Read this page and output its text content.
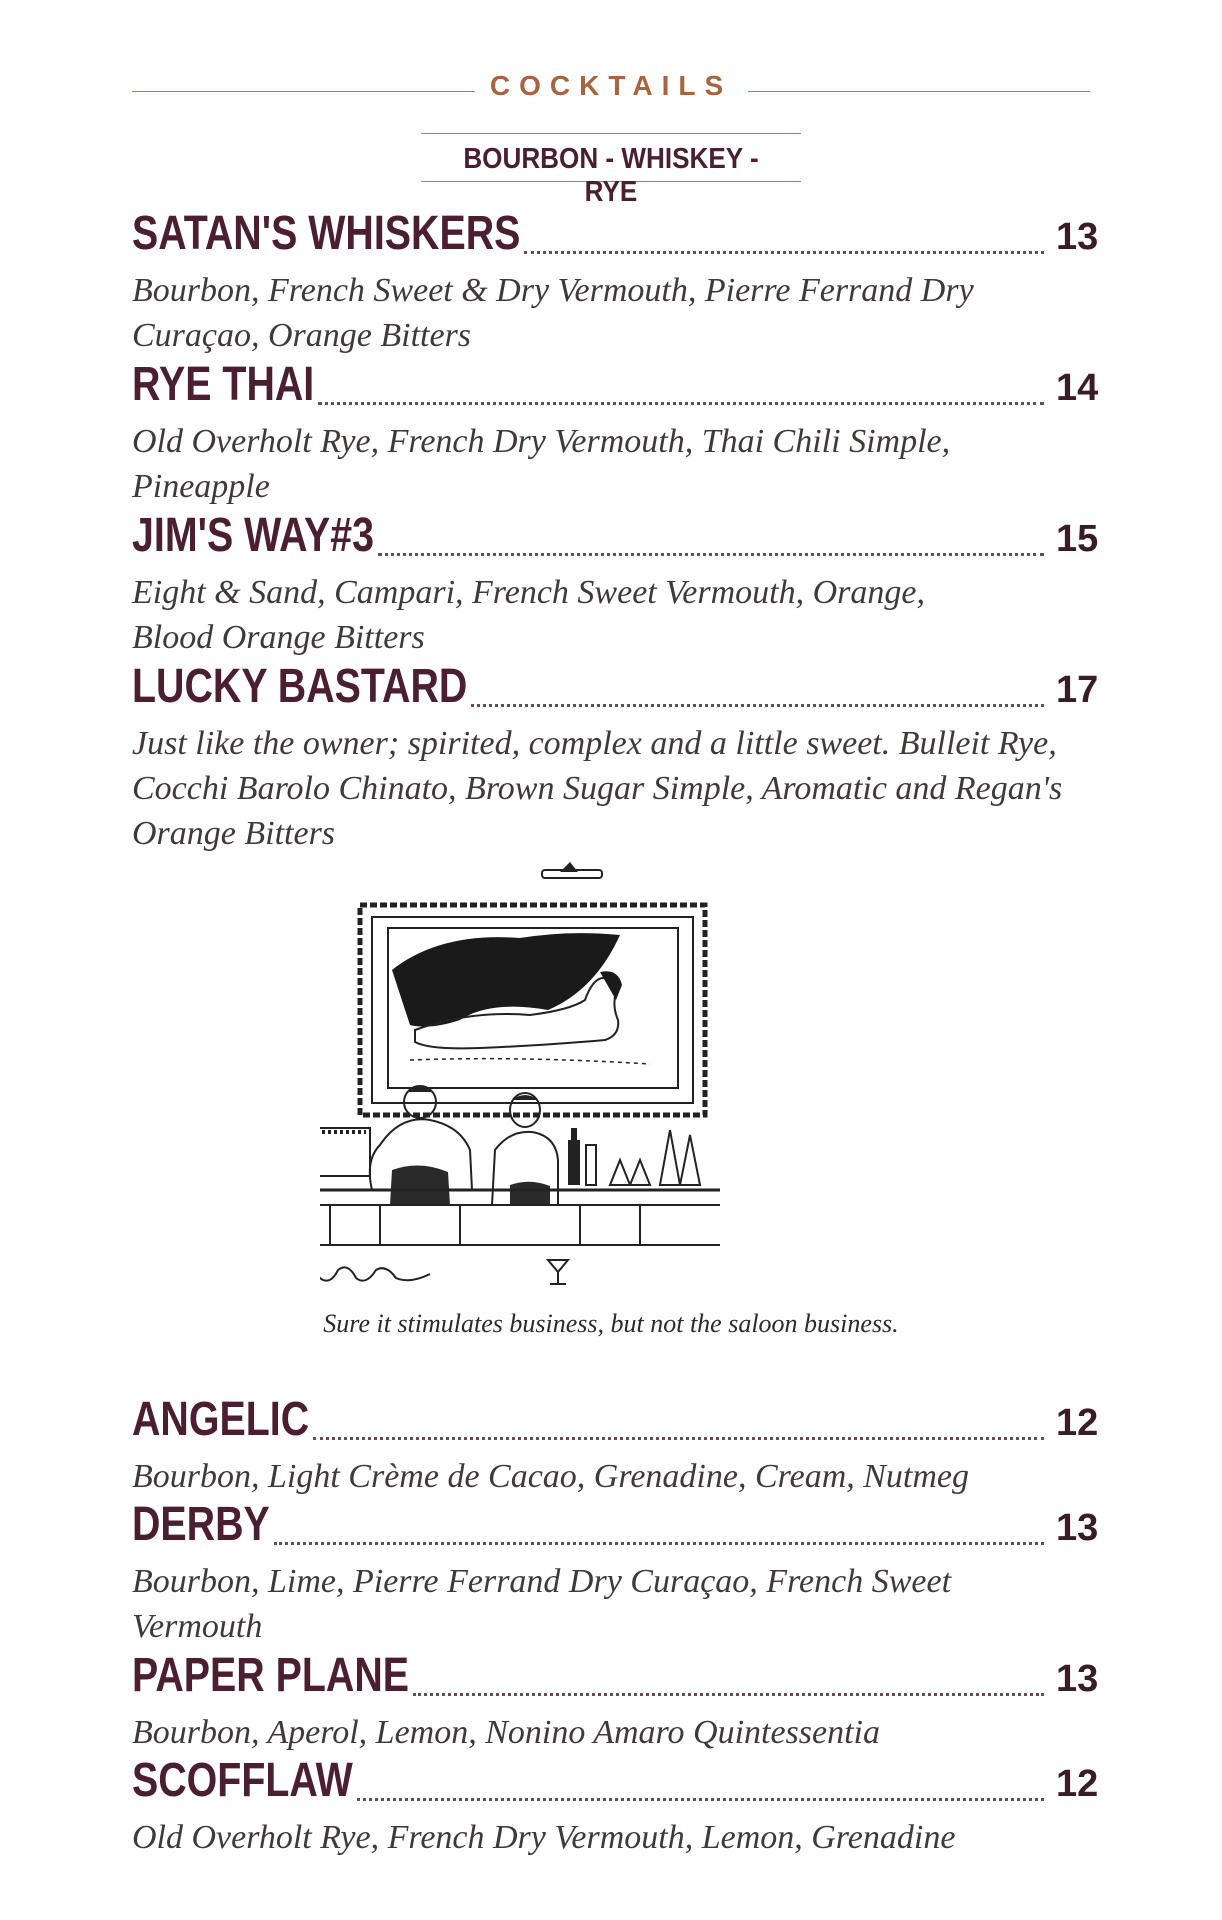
COCKTAILS
BOURBON - WHISKEY - RYE
SATAN'S WHISKERS	13
Bourbon, French Sweet & Dry Vermouth, Pierre Ferrand Dry Curaçao, Orange Bitters
RYE THAI	14
Old Overholt Rye, French Dry Vermouth, Thai Chili Simple, Pineapple
JIM'S WAY#3	15
Eight & Sand, Campari, French Sweet Vermouth, Orange, Blood Orange Bitters
LUCKY BASTARD	17
Just like the owner; spirited, complex and a little sweet. Bulleit Rye, Cocchi Barolo Chinato, Brown Sugar Simple, Aromatic and Regan's Orange Bitters
Sure it stimulates business, but not the saloon business.
ANGELIC	12
Bourbon, Light Crème de Cacao, Grenadine, Cream, Nutmeg
DERBY	13
Bourbon, Lime, Pierre Ferrand Dry Curaçao, French Sweet Vermouth
PAPER PLANE	13
Bourbon, Aperol, Lemon, Nonino Amaro Quintessentia
SCOFFLAW	12
Old Overholt Rye, French Dry Vermouth, Lemon, Grenadine
